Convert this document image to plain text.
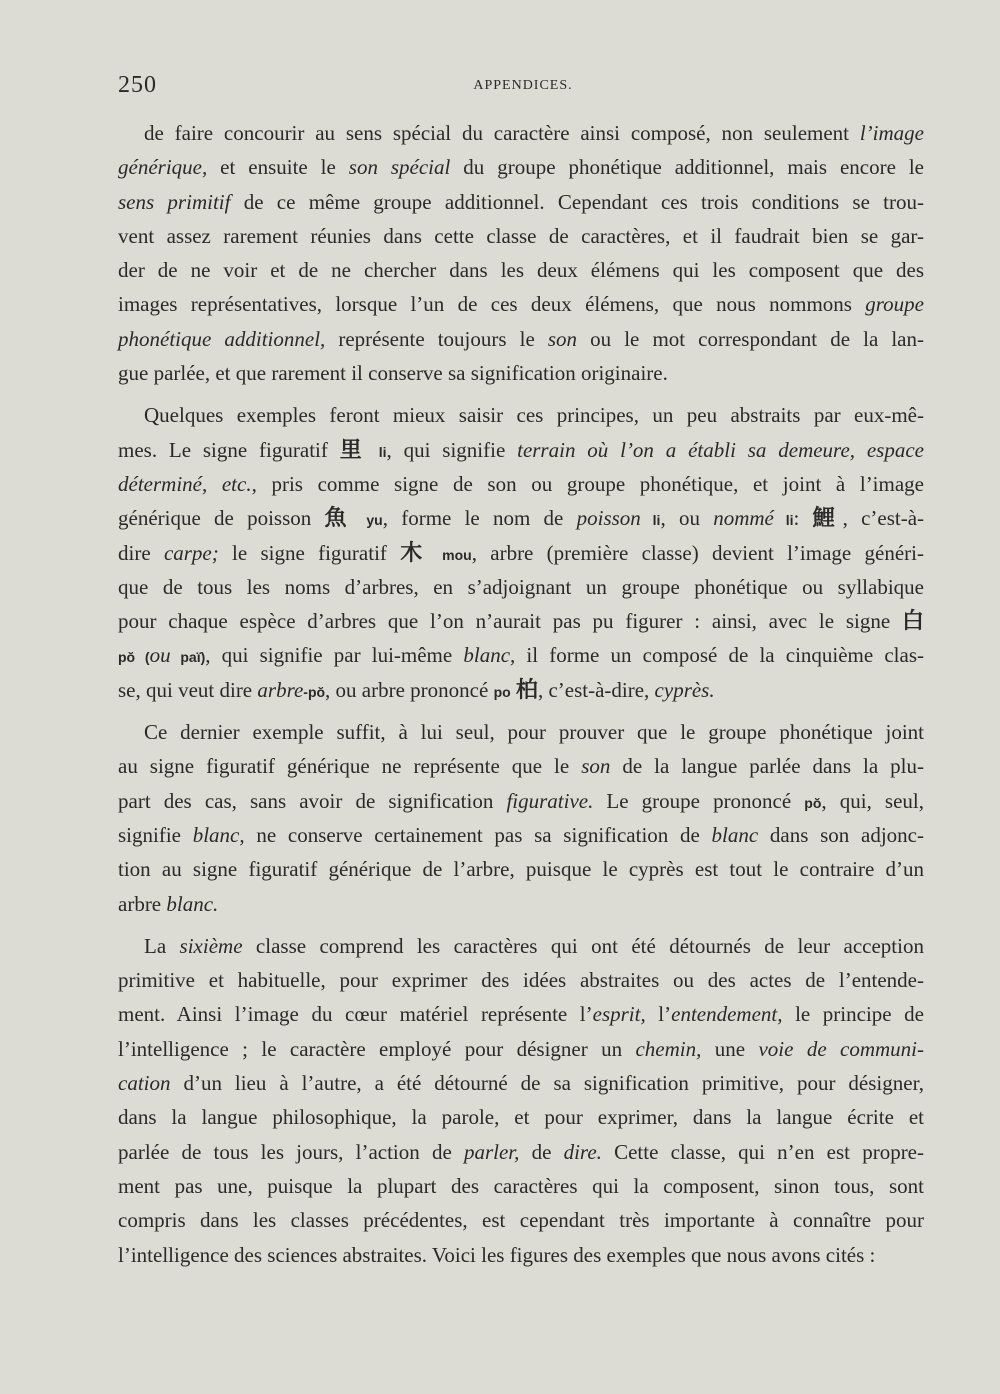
250	APPENDICES.
de faire concourir au sens spécial du caractère ainsi composé, non seulement l’image
générique, et ensuite le son spécial du groupe phonétique additionnel, mais encore le
sens primitif de ce même groupe additionnel. Cependant ces trois conditions se trou-
vent assez rarement réunies dans cette classe de caractères, et il faudrait bien se gar-
der de ne voir et de ne chercher dans les deux élémens qui les composent que des
images représentatives, lorsque l’un de ces deux élémens, que nous nommons groupe
phonétique additionnel, représente toujours le son ou le mot correspondant de la lan-
gue parlée, et que rarement il conserve sa signification originaire.
Quelques exemples feront mieux saisir ces principes, un peu abstraits par eux-mê-
mes. Le signe figuratif 里 li, qui signifie terrain où l’on a établi sa demeure, espace
déterminé, etc., pris comme signe de son ou groupe phonétique, et joint à l’image
générique de poisson 魚 yu, forme le nom de poisson li, ou nommé li: 鯉, c’est-à-
dire carpe; le signe figuratif 木 mou, arbre (première classe) devient l’image généri-
que de tous les noms d’arbres, en s’adjoignant un groupe phonétique ou syllabique
pour chaque espèce d’arbres que l’on n’aurait pas pu figurer : ainsi, avec le signe 白
pŏ (ou paï), qui signifie par lui-même blanc, il forme un composé de la cinquième clas-
se, qui veut dire arbre-pŏ, ou arbre prononcé po 柏, c’est-à-dire, cyprès.
Ce dernier exemple suffit, à lui seul, pour prouver que le groupe phonétique joint
au signe figuratif générique ne représente que le son de la langue parlée dans la plu-
part des cas, sans avoir de signification figurative. Le groupe prononcé pŏ, qui, seul,
signifie blanc, ne conserve certainement pas sa signification de blanc dans son adjonc-
tion au signe figuratif générique de l’arbre, puisque le cyprès est tout le contraire d’un
arbre blanc.
La sixième classe comprend les caractères qui ont été détournés de leur acception
primitive et habituelle, pour exprimer des idées abstraites ou des actes de l’entende-
ment. Ainsi l’image du cœur matériel représente l’esprit, l’entendement, le principe de
l’intelligence ; le caractère employé pour désigner un chemin, une voie de communi-
cation d’un lieu à l’autre, a été détourné de sa signification primitive, pour désigner,
dans la langue philosophique, la parole, et pour exprimer, dans la langue écrite et
parlée de tous les jours, l’action de parler, de dire. Cette classe, qui n’en est propre-
ment pas une, puisque la plupart des caractères qui la composent, sinon tous, sont
compris dans les classes précédentes, est cependant très importante à connaître pour
l’intelligence des sciences abstraites. Voici les figures des exemples que nous avons cités :
